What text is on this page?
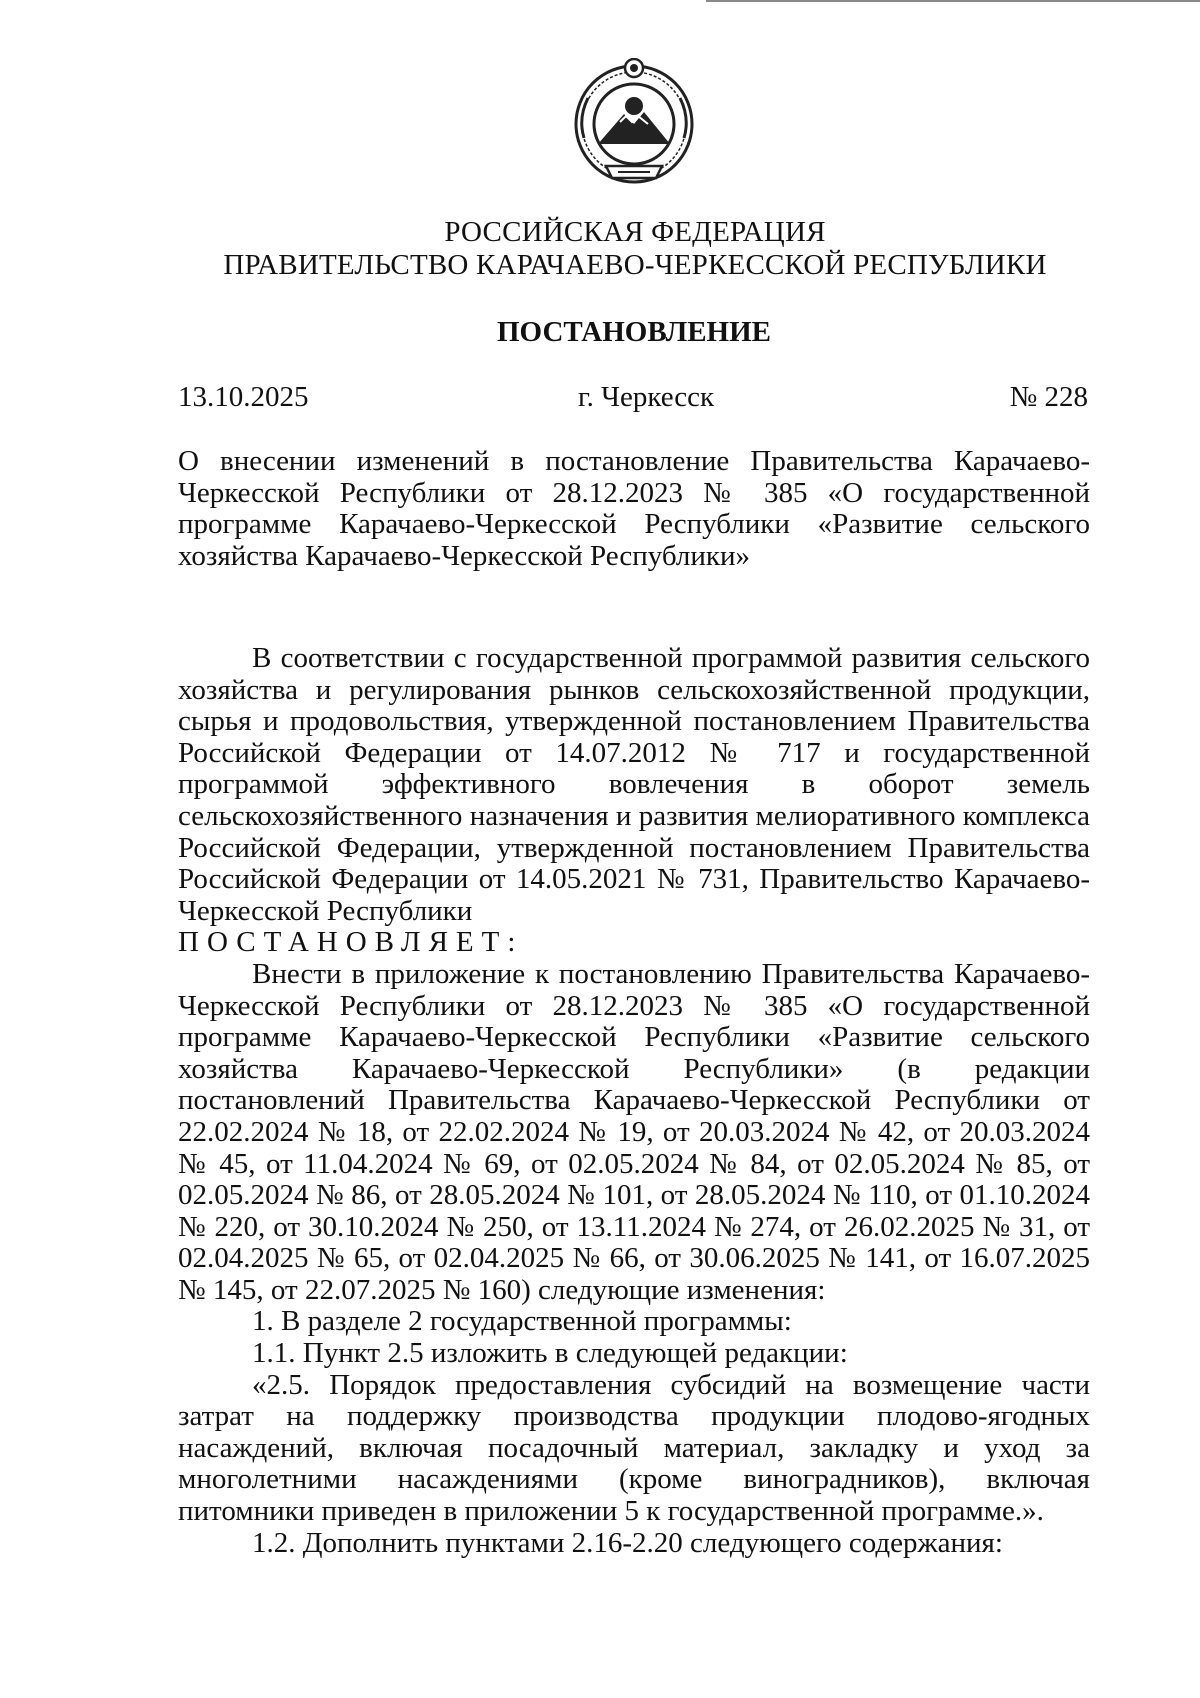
РОССИЙСКАЯ ФЕДЕРАЦИЯ
ПРАВИТЕЛЬСТВО КАРАЧАЕВО-ЧЕРКЕССКОЙ РЕСПУБЛИКИ
ПОСТАНОВЛЕНИЕ
13.10.2025	г. Черкесск	№ 228

О внесении изменений в постановление Правительства Карачаево-Черкесской Республики от 28.12.2023 № 385 «О государственной программе Карачаево-Черкесской Республики «Развитие сельского хозяйства Карачаево-Черкесской Республики»

В соответствии с государственной программой развития сельского хозяйства и регулирования рынков сельскохозяйственной продукции, сырья и продовольствия, утвержденной постановлением Правительства Российской Федерации от 14.07.2012 № 717 и государственной программой эффективного вовлечения в оборот земель сельскохозяйственного назначения и развития мелиоративного комплекса Российской Федерации, утвержденной постановлением Правительства Российской Федерации от 14.05.2021 № 731, Правительство Карачаево-Черкесской Республики

ПОСТАНОВЛЯЕТ:

Внести в приложение к постановлению Правительства Карачаево-Черкесской Республики от 28.12.2023 № 385 «О государственной программе Карачаево-Черкесской Республики «Развитие сельского хозяйства Карачаево-Черкесской Республики» (в редакции постановлений Правительства Карачаево-Черкесской Республики от 22.02.2024 № 18, от 22.02.2024 № 19, от 20.03.2024 № 42, от 20.03.2024 № 45, от 11.04.2024 № 69, от 02.05.2024 № 84, от 02.05.2024 № 85, от 02.05.2024 № 86, от 28.05.2024 № 101, от 28.05.2024 № 110, от 01.10.2024 № 220, от 30.10.2024 № 250, от 13.11.2024 № 274, от 26.02.2025 № 31, от 02.04.2025 № 65, от 02.04.2025 № 66, от 30.06.2025 № 141, от 16.07.2025 № 145, от 22.07.2025 № 160) следующие изменения:

1. В разделе 2 государственной программы:

1.1. Пункт 2.5 изложить в следующей редакции:

«2.5. Порядок предоставления субсидий на возмещение части затрат на поддержку производства продукции плодово-ягодных насаждений, включая посадочный материал, закладку и уход за многолетними насаждениями (кроме виноградников), включая питомники приведен в приложении 5 к государственной программе.».

1.2. Дополнить пунктами 2.16-2.20 следующего содержания:
